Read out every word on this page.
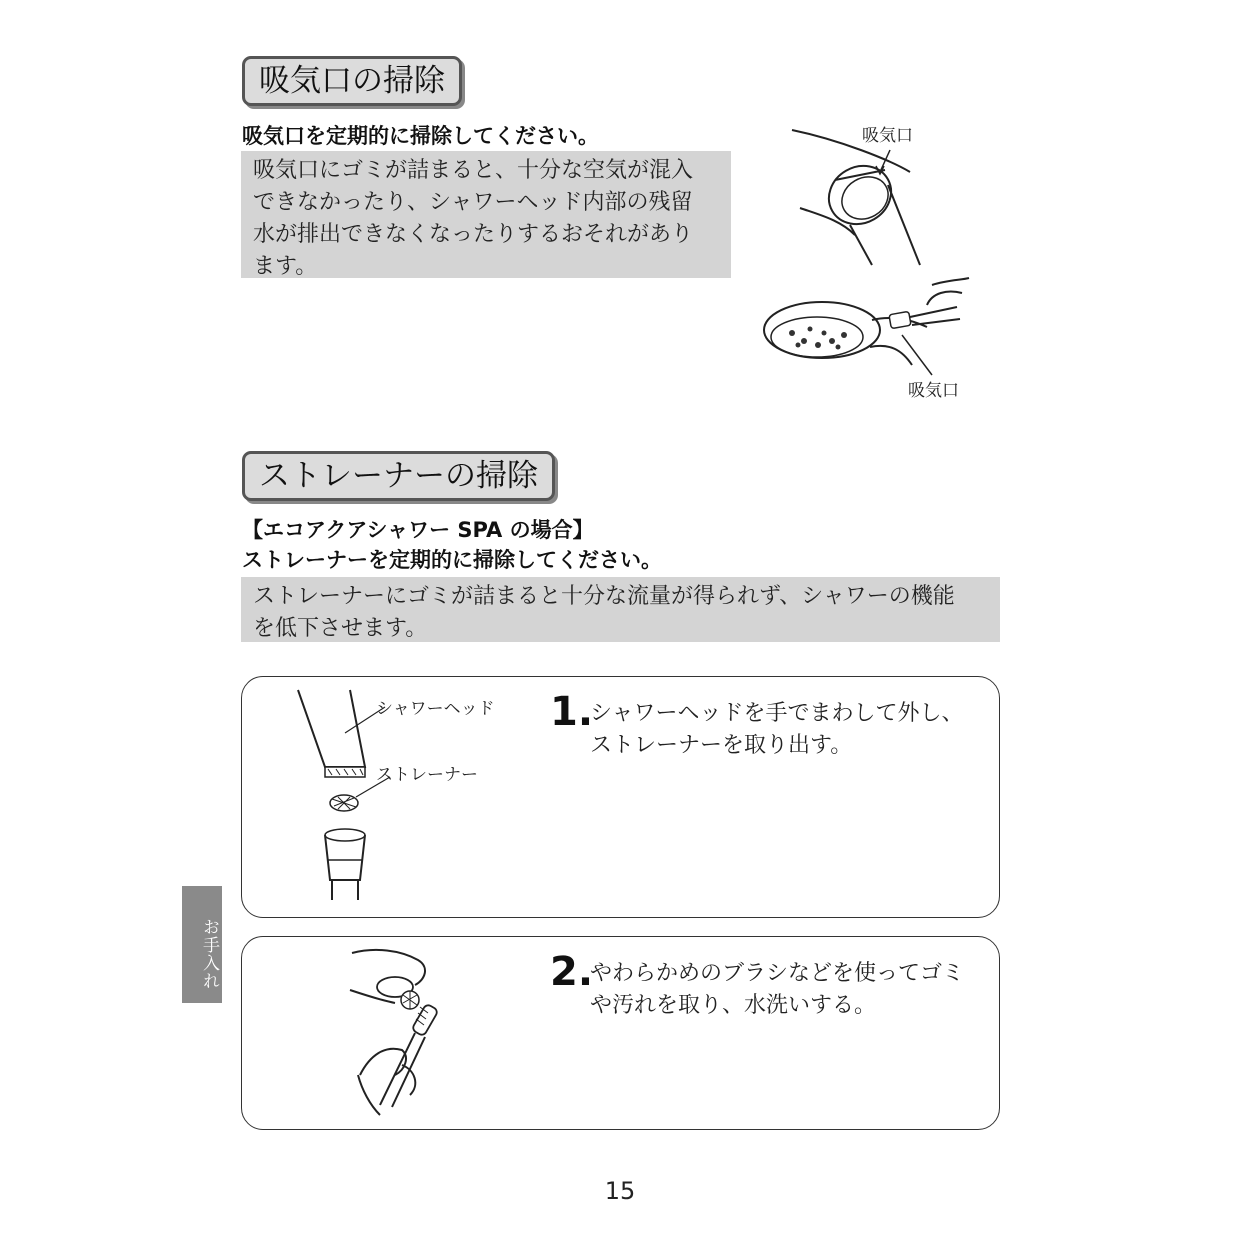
吸気口の掃除
吸気口を定期的に掃除してください。
吸気口にゴミが詰まると、十分な空気が混入
できなかったり、シャワーヘッド内部の残留
水が排出できなくなったりするおそれがあり
ます。
吸気口
吸気口
ストレーナーの掃除
【エコアクアシャワー SPA の場合】
ストレーナーを定期的に掃除してください。
ストレーナーにゴミが詰まると十分な流量が得られず、シャワーの機能
を低下させます。
シャワーヘッド
ストレーナー
1.
シャワーヘッドを手でまわして外し、
ストレーナーを取り出す。
2.
やわらかめのブラシなどを使ってゴミ
や汚れを取り、水洗いする。
お手入れ
15
